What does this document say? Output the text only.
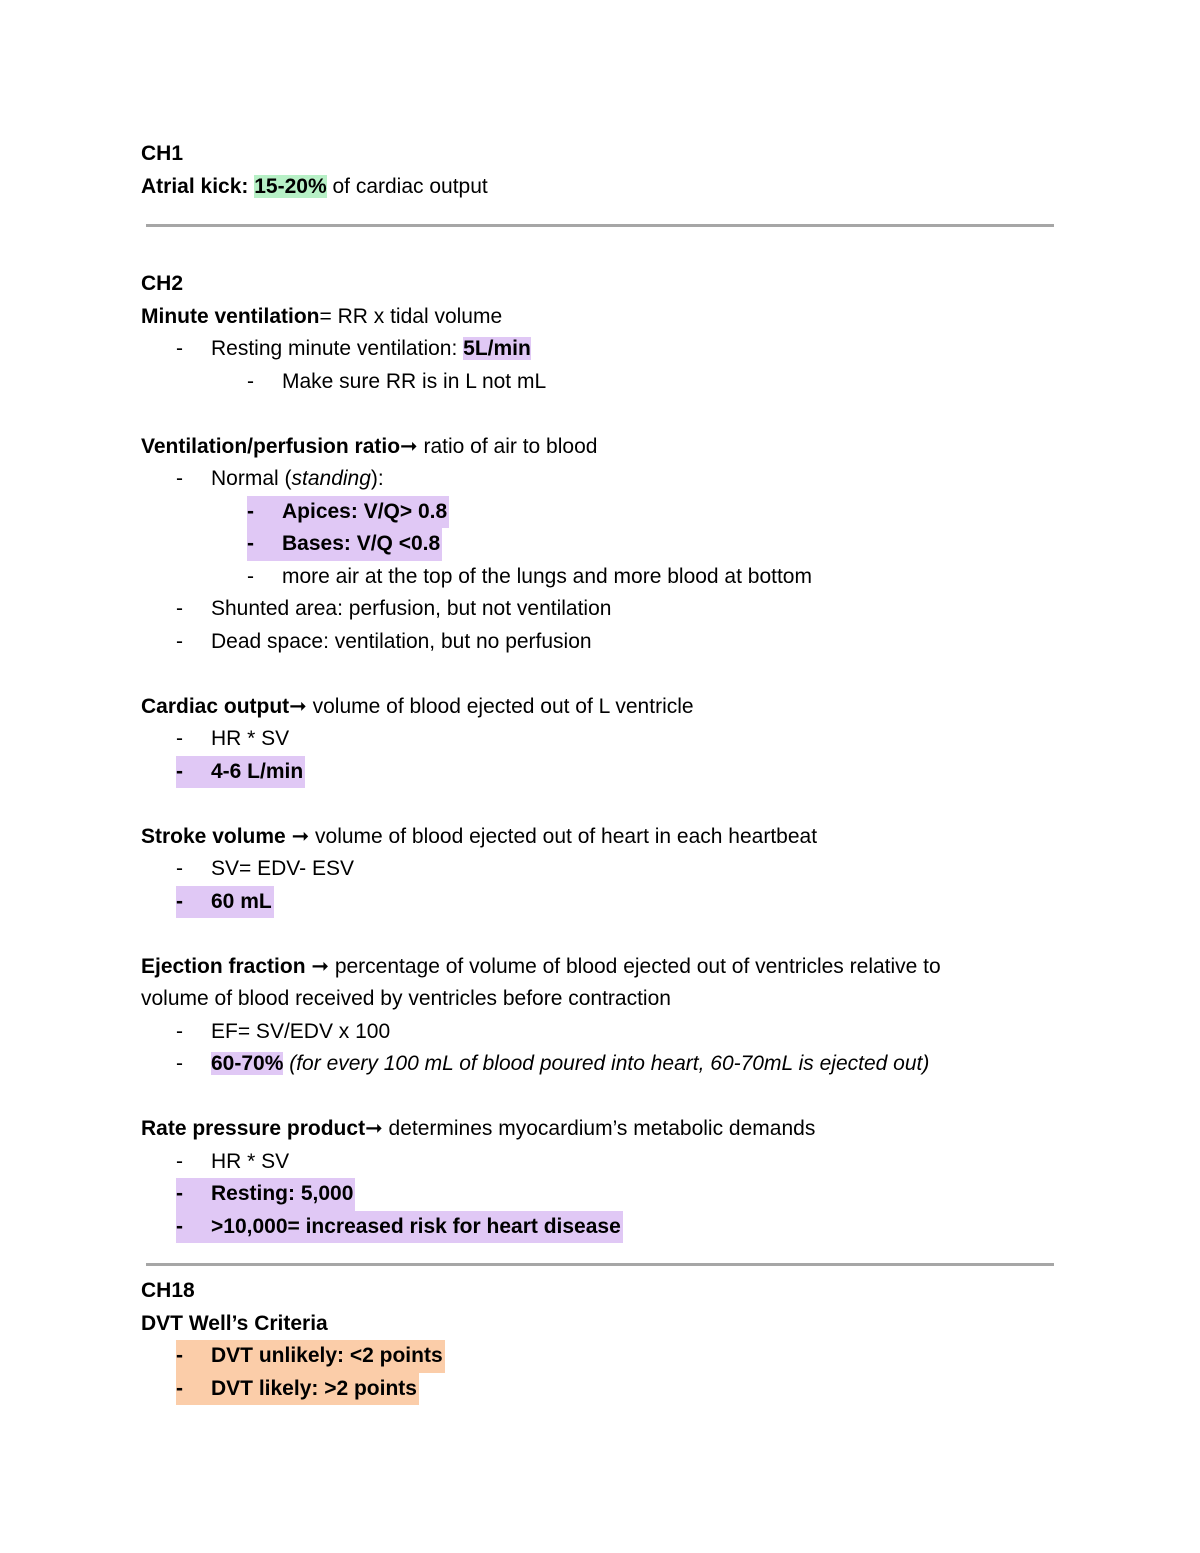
CH1
Atrial kick: 15-20% of cardiac output
CH2
Minute ventilation= RR x tidal volume
-	Resting minute ventilation: 5L/min
-	Make sure RR is in L not mL
Ventilation/perfusion ratio➞ ratio of air to blood
-	Normal (standing):
- Apices: V/Q> 0.8
- Bases: V/Q <0.8
-	more air at the top of the lungs and more blood at bottom
-	Shunted area: perfusion, but not ventilation
-	Dead space: ventilation, but no perfusion
Cardiac output➞ volume of blood ejected out of L ventricle
-	HR * SV
- 4-6 L/min
Stroke volume ➞ volume of blood ejected out of heart in each heartbeat
-	SV= EDV- ESV
- 60 mL
Ejection fraction ➞ percentage of volume of blood ejected out of ventricles relative to
volume of blood received by ventricles before contraction
-	EF= SV/EDV x 100
-	60-70% (for every 100 mL of blood poured into heart, 60-70mL is ejected out)
Rate pressure product➞ determines myocardium’s metabolic demands
-	HR * SV
- Resting: 5,000
- >10,000= increased risk for heart disease
CH18
DVT Well’s Criteria
- DVT unlikely: <2 points
- DVT likely: >2 points
